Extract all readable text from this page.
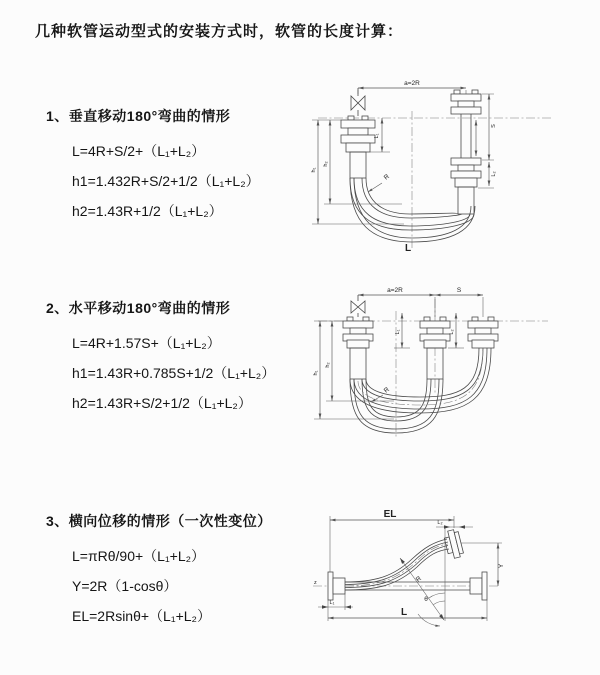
几种软管运动型式的安装方式时，软管的长度计算：
1、垂直移动180°弯曲的情形
L=4R+S/2+（L₁+L₂）
h1=1.432R+S/2+1/2（L₁+L₂）
h2=1.43R+1/2（L₁+L₂）
a=2R
h₁
h₂
L₁
S
L₂
R
L
2、水平移动180°弯曲的情形
L=4R+1.57S+（L₁+L₂）
h1=1.43R+0.785S+1/2（L₁+L₂）
h2=1.43R+S/2+1/2（L₁+L₂）
a=2R	S
h₁
h₂
L₁	L₂
R
3、横向位移的情形（一次性变位）
L=πRθ/90+（L₁+L₂）
Y=2R（1-cosθ）
EL=2Rsinθ+（L₁+L₂）
z
EL
L₂
R
θ
Y
L₁
L
